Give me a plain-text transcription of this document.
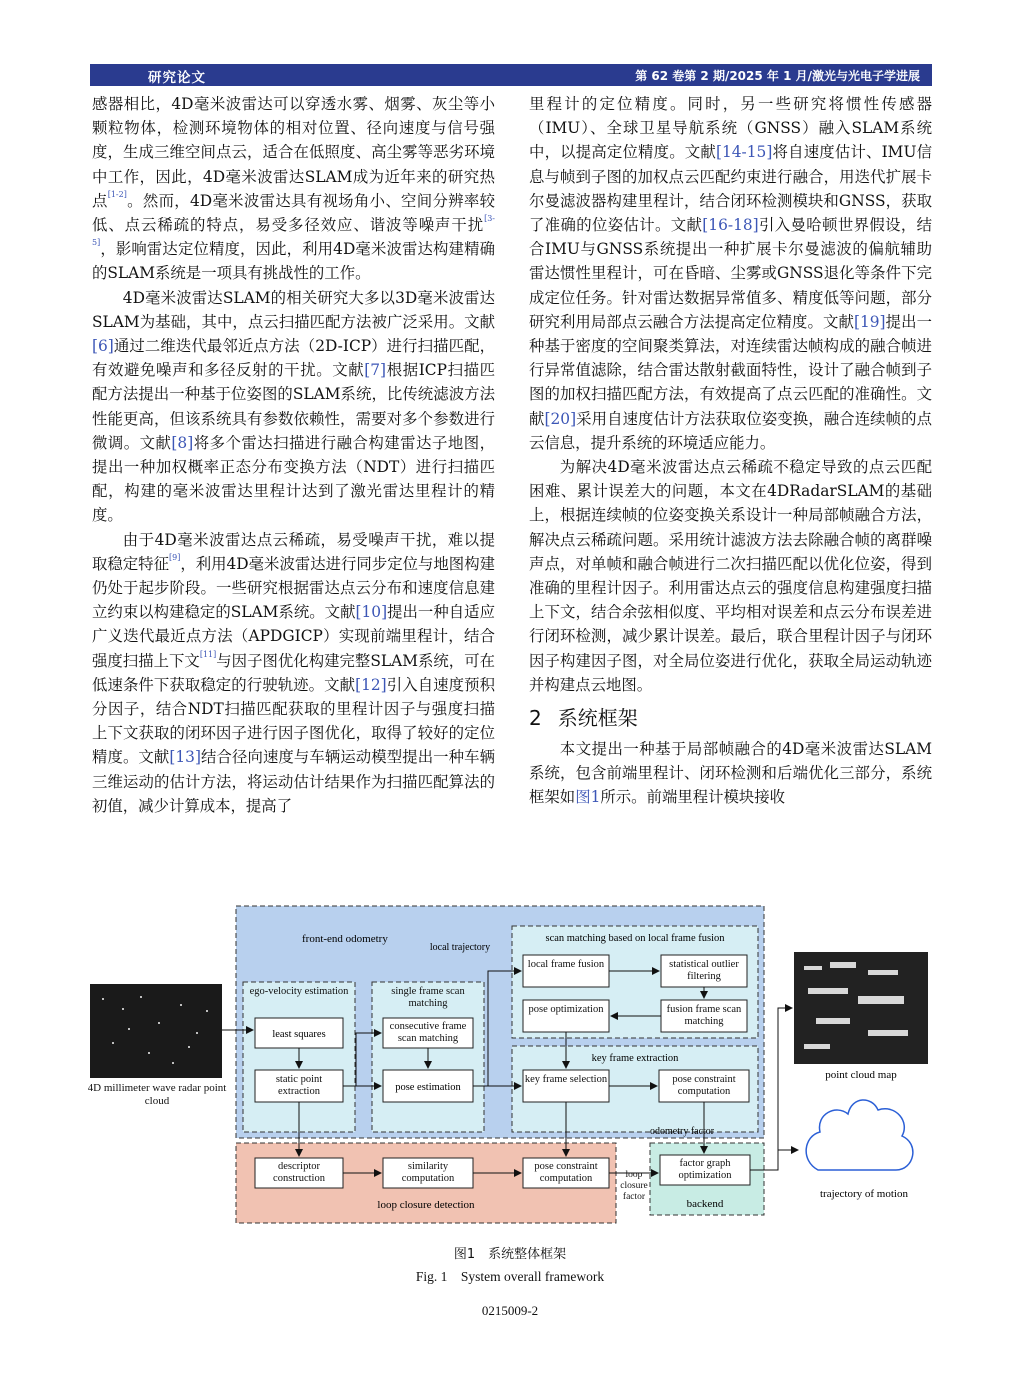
研究论文	第 62 卷第 2 期/2025 年 1 月/激光与光电子学进展

感器相比，4D毫米波雷达可以穿透水雾、烟雾、灰尘等小颗粒物体，检测环境物体的相对位置、径向速度与信号强度，生成三维空间点云，适合在低照度、高尘雾等恶劣环境中工作，因此，4D毫米波雷达SLAM成为近年来的研究热点[1-2]。然而，4D毫米波雷达具有视场角小、空间分辨率较低、点云稀疏的特点，易受多径效应、谐波等噪声干扰[3-5]，影响雷达定位精度，因此，利用4D毫米波雷达构建精确的SLAM系统是一项具有挑战性的工作。

4D毫米波雷达SLAM的相关研究大多以3D毫米波雷达SLAM为基础，其中，点云扫描匹配方法被广泛采用。文献[6]通过二维迭代最邻近点方法（2D-ICP）进行扫描匹配，有效避免噪声和多径反射的干扰。文献[7]根据ICP扫描匹配方法提出一种基于位姿图的SLAM系统，比传统滤波方法性能更高，但该系统具有参数依赖性，需要对多个参数进行微调。文献[8]将多个雷达扫描进行融合构建雷达子地图，提出一种加权概率正态分布变换方法（NDT）进行扫描匹配，构建的毫米波雷达里程计达到了激光雷达里程计的精度。

由于4D毫米波雷达点云稀疏，易受噪声干扰，难以提取稳定特征[9]，利用4D毫米波雷达进行同步定位与地图构建仍处于起步阶段。一些研究根据雷达点云分布和速度信息建立约束以构建稳定的SLAM系统。文献[10]提出一种自适应广义迭代最近点方法（APDGICP）实现前端里程计，结合强度扫描上下文[11]与因子图优化构建完整SLAM系统，可在低速条件下获取稳定的行驶轨迹。文献[12]引入自速度预积分因子，结合NDT扫描匹配获取的里程计因子与强度扫描上下文获取的闭环因子进行因子图优化，取得了较好的定位精度。文献[13]结合径向速度与车辆运动模型提出一种车辆三维运动的估计方法，将运动估计结果作为扫描匹配算法的初值，减少计算成本，提高了

里程计的定位精度。同时，另一些研究将惯性传感器（IMU）、全球卫星导航系统（GNSS）融入SLAM系统中，以提高定位精度。文献[14-15]将自速度估计、IMU信息与帧到子图的加权点云匹配约束进行融合，用迭代扩展卡尔曼滤波器构建里程计，结合闭环检测模块和GNSS，获取了准确的位姿估计。文献[16-18]引入曼哈顿世界假设，结合IMU与GNSS系统提出一种扩展卡尔曼滤波的偏航辅助雷达惯性里程计，可在昏暗、尘雾或GNSS退化等条件下完成定位任务。针对雷达数据异常值多、精度低等问题，部分研究利用局部点云融合方法提高定位精度。文献[19]提出一种基于密度的空间聚类算法，对连续雷达帧构成的融合帧进行异常值滤除，结合雷达散射截面特性，设计了融合帧到子图的加权扫描匹配方法，有效提高了点云匹配的准确性。文献[20]采用自速度估计方法获取位姿变换，融合连续帧的点云信息，提升系统的环境适应能力。

为解决4D毫米波雷达点云稀疏不稳定导致的点云匹配困难、累计误差大的问题，本文在4DRadarSLAM的基础上，根据连续帧的位姿变换关系设计一种局部帧融合方法，解决点云稀疏问题。采用统计滤波方法去除融合帧的离群噪声点，对单帧和融合帧进行二次扫描匹配以优化位姿，得到准确的里程计因子。利用雷达点云的强度信息构建强度扫描上下文，结合余弦相似度、平均相对误差和点云分布误差进行闭环检测，减少累计误差。最后，联合里程计因子与闭环因子构建因子图，对全局位姿进行优化，获取全局运动轨迹并构建点云地图。

2 系统框架

本文提出一种基于局部帧融合的4D毫米波雷达SLAM系统，包含前端里程计、闭环检测和后端优化三部分，系统框架如图1所示。前端里程计模块接收

front-end odometry
local trajectory
scan matching based on local frame fusion
local frame fusion	statistical outlier filtering
pose optimization	fusion frame scan matching
ego-velocity estimation
least squares
static point extraction
single frame scan matching
consecutive frame scan matching
pose estimation
key frame extraction
key frame selection	pose constraint computation
odometry factor
4D millimeter wave radar point cloud
point cloud map
trajectory of motion
descriptor construction
similarity computation
pose constraint computation
loop closure detection
factor graph optimization
backend
loop closure factor
图1　系统整体框架
Fig. 1　System overall framework
0215009-2
